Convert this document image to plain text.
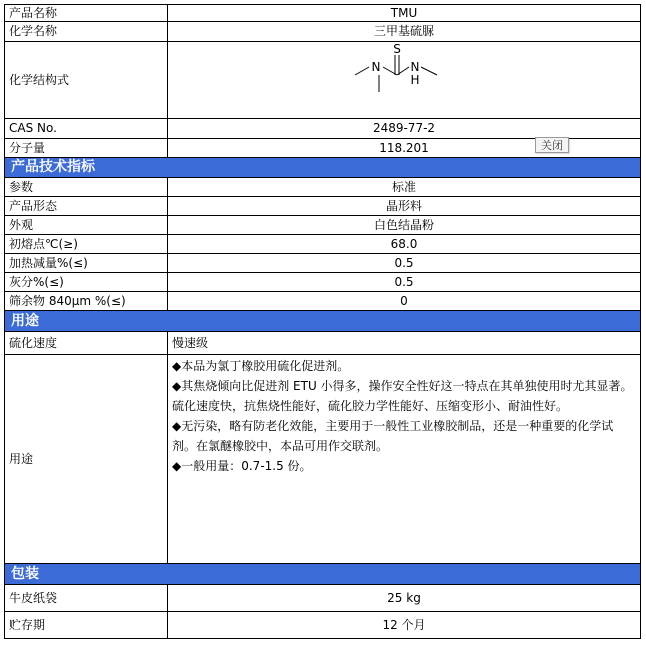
产品名称	TMU
化学名称	三甲基硫脲
化学结构式	S
N N
H

CAS No.	2489-77-2
分子量	118.201
产品技术指标	
参数	标准
产品形态	晶形料
外观	白色结晶粉
初熔点℃(≥)	68.0
加热减量%(≤)	0.5
灰分%(≤)	0.5
筛余物 840μm %(≤)	0
用途	
硫化速度	慢速级
用途	◆本品为氯丁橡胶用硫化促进剂。
◆其焦烧倾向比促进剂 ETU 小得多，操作安全性好这一特点在其单独使用时尤其显著。硫化速度快，抗焦烧性能好，硫化胶力学性能好、压缩变形小、耐油性好。
◆无污染，略有防老化效能，主要用于一般性工业橡胶制品，还是一种重要的化学试剂。在氯醚橡胶中，本品可用作交联剂。
◆一般用量：0.7-1.5 份。

包装	
牛皮纸袋	25 kg
贮存期	12 个月
关闭
